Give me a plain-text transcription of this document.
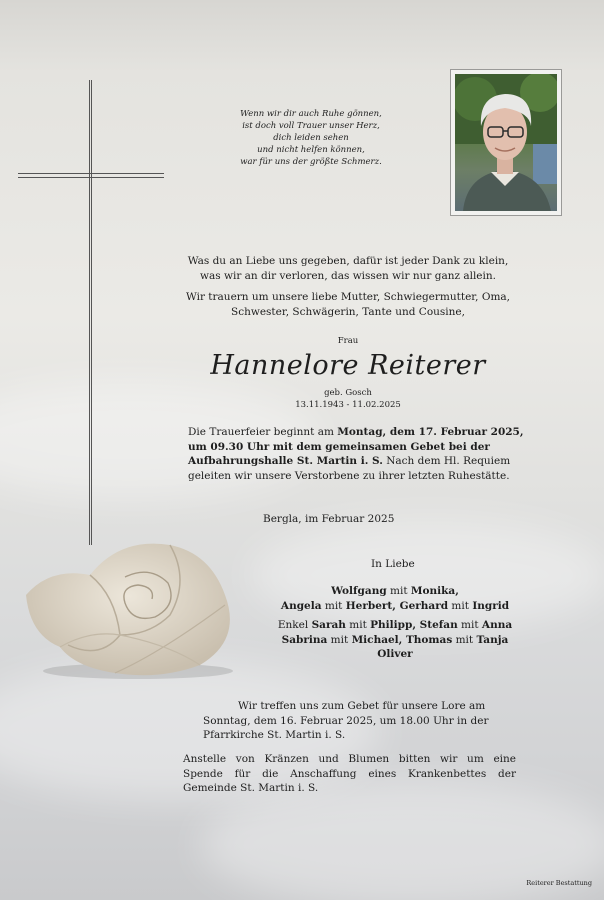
Wenn wir dir auch Ruhe gönnen,
ist doch voll Trauer unser Herz,
dich leiden sehen
und nicht helfen können,
war für uns der größte Schmerz.
Was du an Liebe uns gegeben, dafür ist jeder Dank zu klein,
was wir an dir verloren, das wissen wir nur ganz allein.
Wir trauern um unsere liebe Mutter, Schwiegermutter, Oma,
Schwester, Schwägerin, Tante und Cousine,
Frau
Hannelore Reiterer
geb. Gosch
13.11.1943 - 11.02.2025
Die Trauerfeier beginnt am Montag, dem 17. Februar 2025,
um 09.30 Uhr mit dem gemeinsamen Gebet bei der
Aufbahrungshalle St. Martin i. S. Nach dem Hl. Requiem
geleiten wir unsere Verstorbene zu ihrer letzten Ruhestätte.
Bergla, im Februar 2025
In Liebe
Wolfgang mit Monika,
Angela mit Herbert, Gerhard mit Ingrid
Enkel Sarah mit Philipp, Stefan mit Anna
Sabrina mit Michael, Thomas mit Tanja
Oliver
Wir treffen uns zum Gebet für unsere Lore am
Sonntag, dem 16. Februar 2025, um 18.00 Uhr in der
Pfarrkirche St. Martin i. S.
Anstelle von Kränzen und Blumen bitten wir um eine
Spende für die Anschaffung eines Krankenbettes der
Gemeinde St. Martin i. S.
Reiterer Bestattung
